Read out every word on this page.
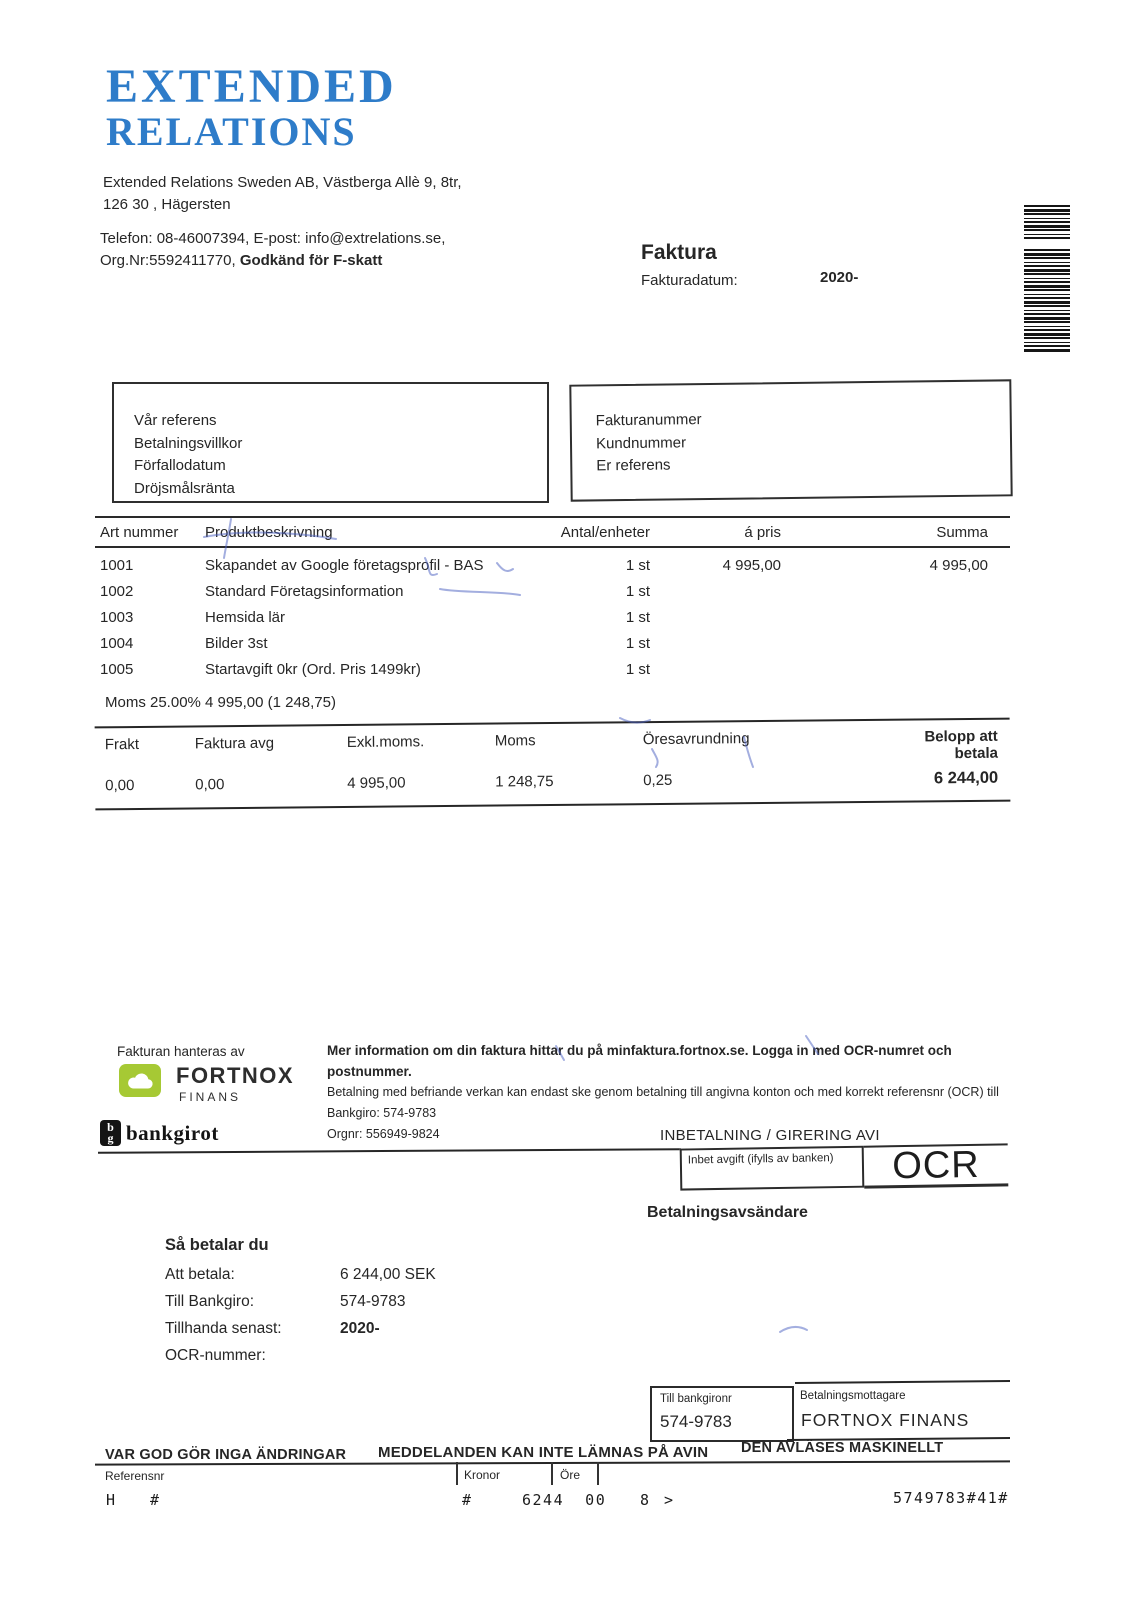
EXTENDED
RELATIONS
Extended Relations Sweden AB, Västberga Allè 9, 8tr,
126 30 , Hägersten
Telefon: 08-46007394, E-post: info@extrelations.se,
Org.Nr:5592411770, Godkänd för F-skatt	Faktura
Fakturadatum:	2020-
Vår referens
Betalningsvillkor
Förfallodatum
Dröjsmålsränta
Fakturanummer
Kundnummer
Er referens
Art nummer	Produktbeskrivning	Antal/enheter	á pris	Summa
1001	Skapandet av Google företagsprofil - BAS	1 st	4 995,00	4 995,00
1002	Standard Företagsinformation	1 st
1003	Hemsida lär	1 st
1004	Bilder 3st	1 st
1005	Startavgift 0kr (Ord. Pris 1499kr)	1 st
Moms 25.00% 4 995,00 (1 248,75)
Frakt	Faktura avg	Exkl.moms.	Moms	Öresavrundning	Belopp att betala
0,00	0,00	4 995,00	1 248,75	0,25	6 244,00
Fakturan hanteras av
FORTNOX
FINANS
Mer information om din faktura hittar du på minfaktura.fortnox.se. Logga in med OCR-numret och postnummer.
Betalning med befriande verkan kan endast ske genom betalning till angivna konton och med korrekt referensnr (OCR) till Bankgiro: 574-9783
Orgnr: 556949-9824
b
g bankgirot	INBETALNING / GIRERING AVI
Inbet avgift (ifylls av banken)	OCR
Betalningsavsändare
Så betalar du
Att betala:	6 244,00 SEK
Till Bankgiro:	574-9783
Tillhanda senast:	2020-
OCR-nummer:
Till bankgironr
574-9783
Betalningsmottagare
FORTNOX FINANS
DEN AVLÄSES MASKINELLT
VAR GOD GÖR INGA ÄNDRINGAR MEDDELANDEN KAN INTE LÄMNAS PÅ AVIN
Referensnr	Kronor	Öre
H #	#	6244  00 8 >	5749783#41#
